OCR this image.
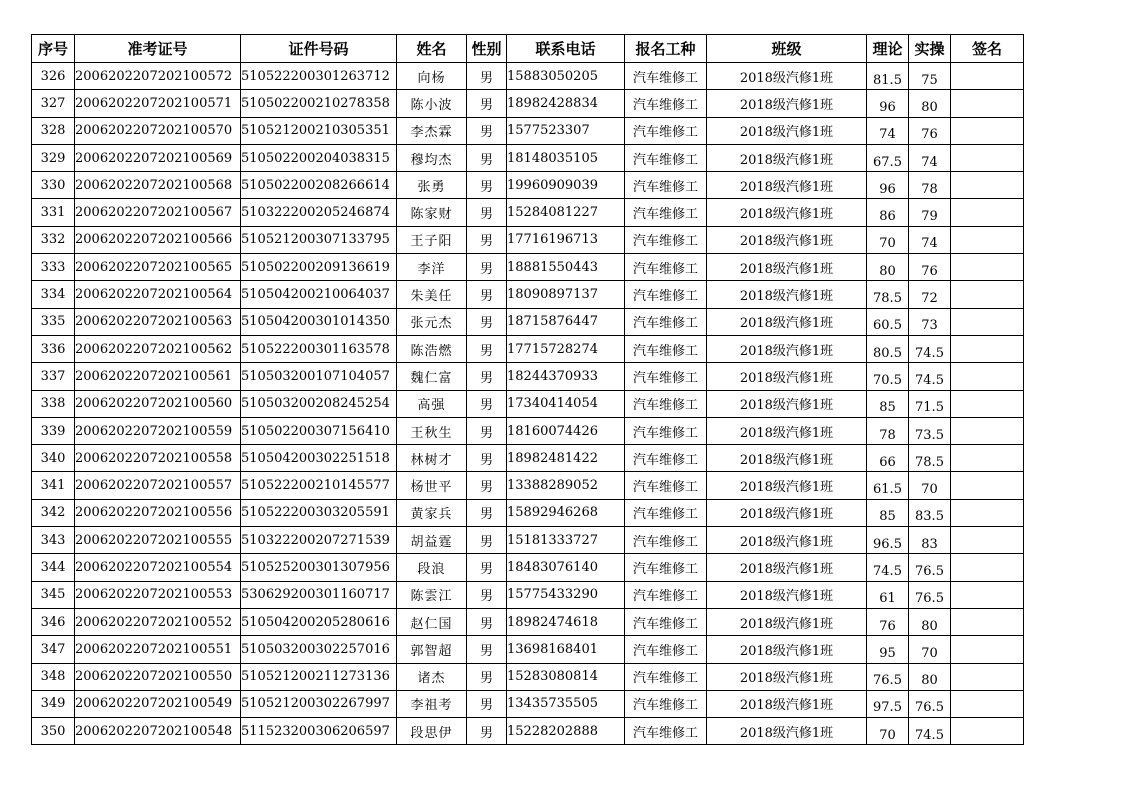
序号	准考证号	证件号码	姓名	性别	联系电话	报名工种	班级	理论	实操	签名
326	2006202207202100572	510522200301263712	向杨	男	15883050205	汽车维修工	2018级汽修1班	81.5	75	
327	2006202207202100571	510502200210278358	陈小波	男	18982428834	汽车维修工	2018级汽修1班	96	80	
328	2006202207202100570	510521200210305351	李杰霖	男	1577523307	汽车维修工	2018级汽修1班	74	76	
329	2006202207202100569	510502200204038315	穆均杰	男	18148035105	汽车维修工	2018级汽修1班	67.5	74	
330	2006202207202100568	510502200208266614	张勇	男	19960909039	汽车维修工	2018级汽修1班	96	78	
331	2006202207202100567	510322200205246874	陈家财	男	15284081227	汽车维修工	2018级汽修1班	86	79	
332	2006202207202100566	510521200307133795	王子阳	男	17716196713	汽车维修工	2018级汽修1班	70	74	
333	2006202207202100565	510502200209136619	李洋	男	18881550443	汽车维修工	2018级汽修1班	80	76	
334	2006202207202100564	510504200210064037	朱美任	男	18090897137	汽车维修工	2018级汽修1班	78.5	72	
335	2006202207202100563	510504200301014350	张元杰	男	18715876447	汽车维修工	2018级汽修1班	60.5	73	
336	2006202207202100562	510522200301163578	陈浩燃	男	17715728274	汽车维修工	2018级汽修1班	80.5	74.5	
337	2006202207202100561	510503200107104057	魏仁富	男	18244370933	汽车维修工	2018级汽修1班	70.5	74.5	
338	2006202207202100560	510503200208245254	高强	男	17340414054	汽车维修工	2018级汽修1班	85	71.5	
339	2006202207202100559	510502200307156410	王秋生	男	18160074426	汽车维修工	2018级汽修1班	78	73.5	
340	2006202207202100558	510504200302251518	林树才	男	18982481422	汽车维修工	2018级汽修1班	66	78.5	
341	2006202207202100557	510522200210145577	杨世平	男	13388289052	汽车维修工	2018级汽修1班	61.5	70	
342	2006202207202100556	510522200303205591	黄家兵	男	15892946268	汽车维修工	2018级汽修1班	85	83.5	
343	2006202207202100555	510322200207271539	胡益霆	男	15181333727	汽车维修工	2018级汽修1班	96.5	83	
344	2006202207202100554	510525200301307956	段浪	男	18483076140	汽车维修工	2018级汽修1班	74.5	76.5	
345	2006202207202100553	530629200301160717	陈雲江	男	15775433290	汽车维修工	2018级汽修1班	61	76.5	
346	2006202207202100552	510504200205280616	赵仁国	男	18982474618	汽车维修工	2018级汽修1班	76	80	
347	2006202207202100551	510503200302257016	郭智超	男	13698168401	汽车维修工	2018级汽修1班	95	70	
348	2006202207202100550	510521200211273136	诸杰	男	15283080814	汽车维修工	2018级汽修1班	76.5	80	
349	2006202207202100549	510521200302267997	李祖考	男	13435735505	汽车维修工	2018级汽修1班	97.5	76.5	
350	2006202207202100548	511523200306206597	段思伊	男	15228202888	汽车维修工	2018级汽修1班	70	74.5	
